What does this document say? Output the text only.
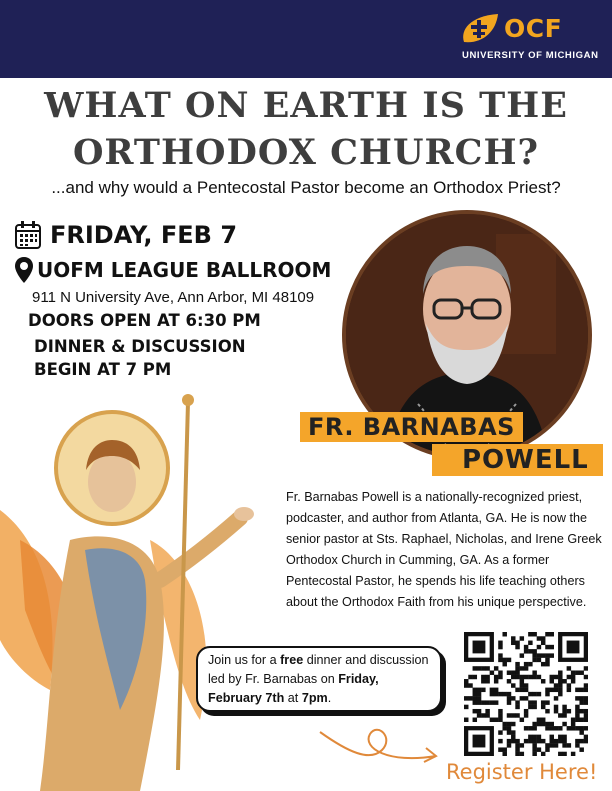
OCF
UNIVERSITY OF MICHIGAN
WHAT ON EARTH IS THE
ORTHODOX CHURCH?
...and why would a Pentecostal Pastor become an Orthodox Priest?
FRIDAY, FEB 7
UOFM LEAGUE BALLROOM
911 N University Ave, Ann Arbor, MI 48109
DOORS OPEN AT 6:30 PM
DINNER & DISCUSSION
BEGIN AT 7 PM
FR. BARNABAS
POWELL
Fr. Barnabas Powell is a nationally-recognized priest, podcaster, and author from Atlanta, GA. He is now the senior pastor at Sts. Raphael, Nicholas, and Irene Greek Orthodox Church in Cumming, GA. As a former Pentecostal Pastor, he spends his life teaching others about the Orthodox Faith from his unique perspective.
Join us for a free dinner and discussion led by Fr. Barnabas on Friday, February 7th at 7pm.
Register Here!
